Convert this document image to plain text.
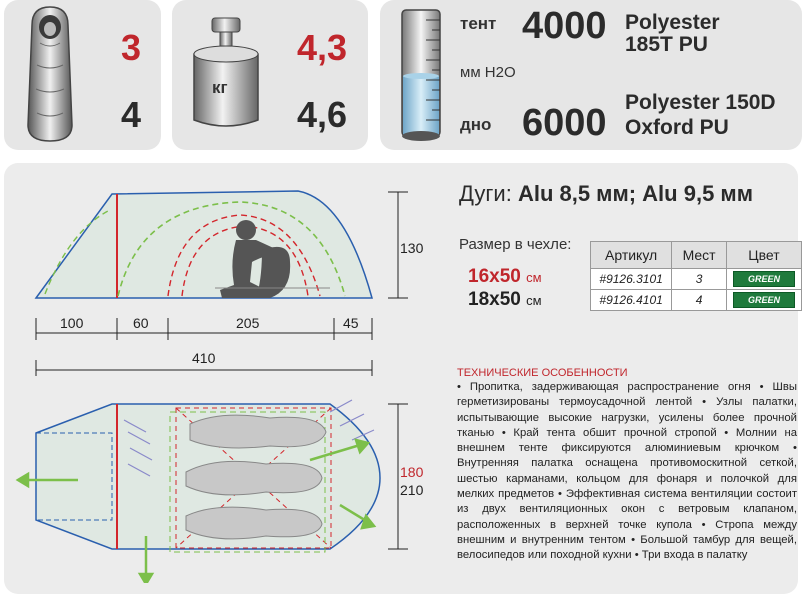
3
4
кг
4,3
4,6
тент 4000 Polyester
185T PU
мм H2O
дно 6000 Polyester 150D
Oxford PU
130
100	60	205	45
410
180
210
Дуги: Alu 8,5 мм; Alu 9,5 мм
Размер в чехле:
16x50 см
18x50 см
Артикул	Мест	Цвет
#9126.3101	3	GREEN
#9126.4101	4	GREEN
ТЕХНИЧЕСКИЕ ОСОБЕННОСТИ
• Пропитка, задерживающая распространение огня • Швы герметизированы термоусадочной лентой • Узлы палатки, испытывающие высокие нагрузки, усилены более прочной тканью • Край тента обшит прочной стропой • Молнии на внешнем тенте фиксируются алюминиевым крючком • Внутренняя палатка оснащена противомоскитной сеткой, шестью карманами, кольцом для фонаря и полочкой для мелких предметов • Эффективная система вентиляции состоит из двух вентиляционных окон с ветровым клапаном, расположенных в верхней точке купола • Стропа между внешним и внутренним тентом • Большой тамбур для вещей, велосипедов или походной кухни • Три входа в палатку
